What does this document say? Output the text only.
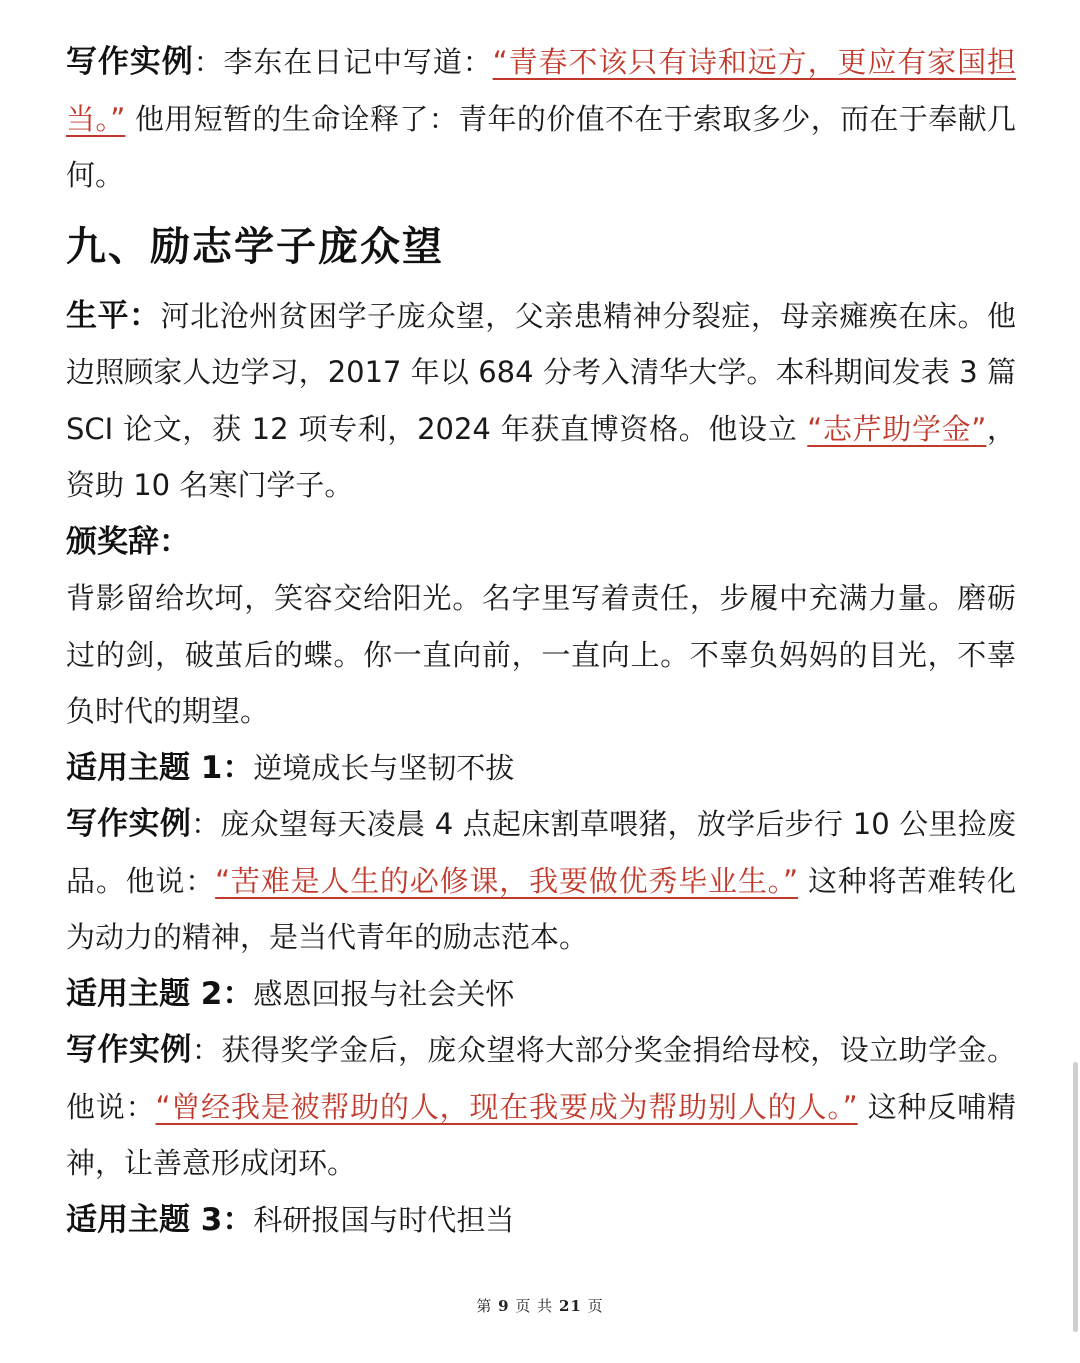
写作实例：李东在日记中写道：“青春不该只有诗和远方，更应有家国担当。” 他用短暂的生命诠释了：青年的价值不在于索取多少，而在于奉献几何。

九、励志学子庞众望

生平：河北沧州贫困学子庞众望，父亲患精神分裂症，母亲瘫痪在床。他边照顾家人边学习，2017 年以 684 分考入清华大学。本科期间发表 3 篇 SCI 论文，获 12 项专利，2024 年获直博资格。他设立 “志芹助学金”，资助 10 名寒门学子。

颁奖辞：

背影留给坎坷，笑容交给阳光。名字里写着责任，步履中充满力量。磨砺过的剑，破茧后的蝶。你一直向前，一直向上。不辜负妈妈的目光，不辜负时代的期望。

适用主题 1：逆境成长与坚韧不拔

写作实例：庞众望每天凌晨 4 点起床割草喂猪，放学后步行 10 公里捡废品。他说：“苦难是人生的必修课，我要做优秀毕业生。” 这种将苦难转化为动力的精神，是当代青年的励志范本。

适用主题 2：感恩回报与社会关怀

写作实例：获得奖学金后，庞众望将大部分奖金捐给母校，设立助学金。他说：“曾经我是被帮助的人，现在我要成为帮助别人的人。” 这种反哺精神，让善意形成闭环。

适用主题 3：科研报国与时代担当

第 9 页 共 21 页
